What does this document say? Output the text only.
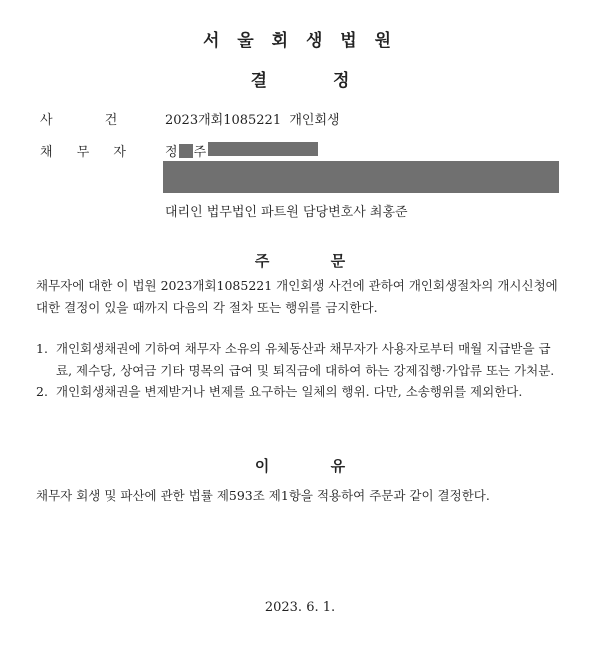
서 울 회 생 법 원
결 정
사 건	2023개회1085221  개인회생
채 무 자	정 주
대리인 법무법인 파트원 담당변호사 최홍준
주 문
채무자에 대한 이 법원 2023개회1085221 개인회생 사건에 관하여 개인회생절차의 개시신청에 대한 결정이 있을 때까지 다음의 각 절차 또는 행위를 금지한다.
1. 개인회생채권에 기하여 채무자 소유의 유체동산과 채무자가 사용자로부터 매월 지급받을 급료, 제수당, 상여금 기타 명목의 급여 및 퇴직금에 대하여 하는 강제집행·가압류 또는 가처분.
2. 개인회생채권을 변제받거나 변제를 요구하는 일체의 행위. 다만, 소송행위를 제외한다.
이 유
채무자 회생 및 파산에 관한 법률 제593조 제1항을 적용하여 주문과 같이 결정한다.
2023. 6. 1.
